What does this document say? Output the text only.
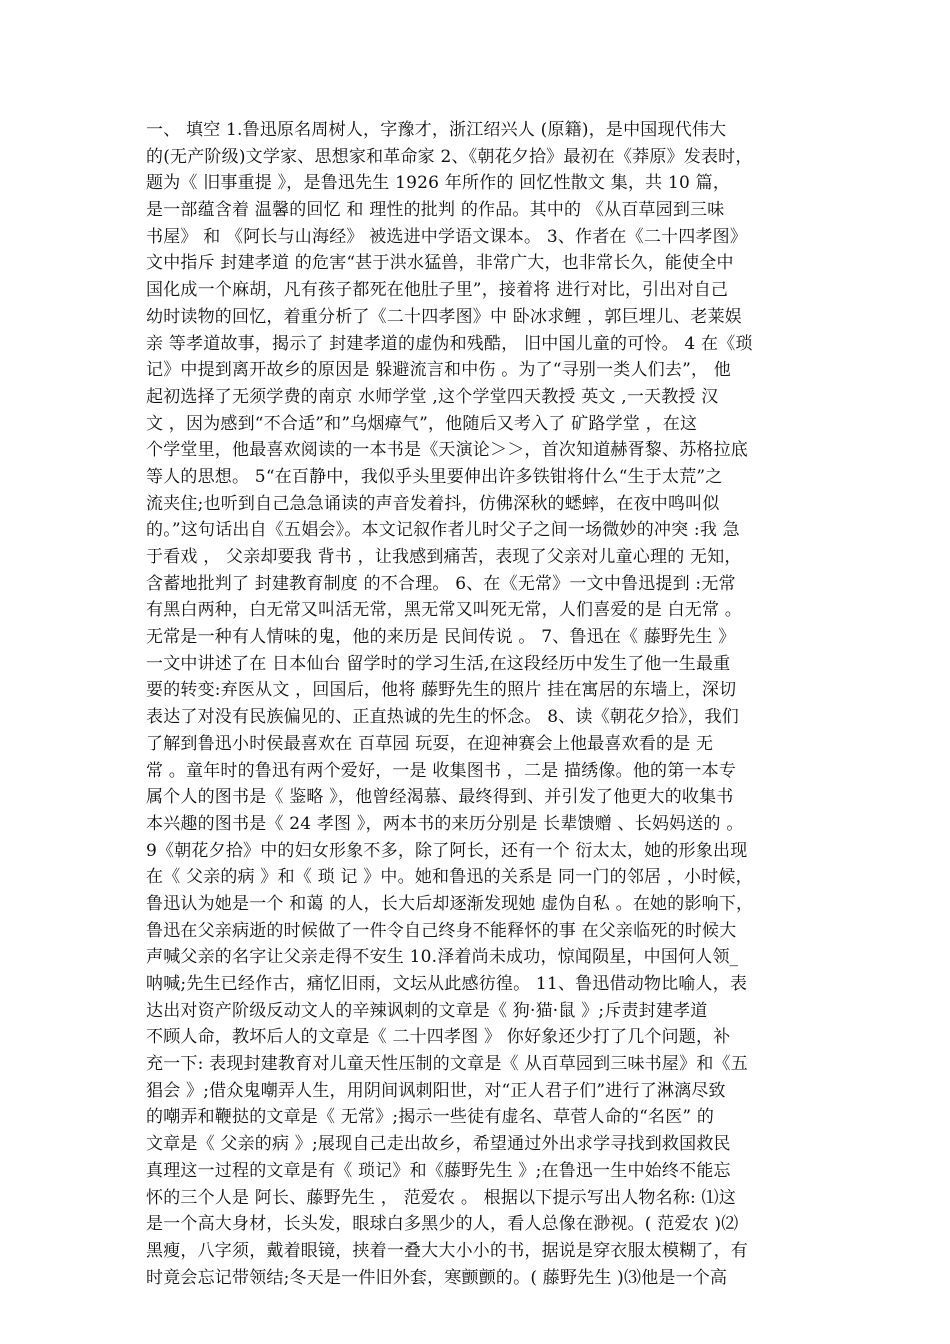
一、 填空 1.鲁迅原名周树人，字豫才，浙江绍兴人 (原籍)，是中国现代伟大
的(无产阶级)文学家、思想家和革命家 2、《朝花夕拾》最初在《莽原》发表时，
题为《 旧事重提 》，是鲁迅先生 1926 年所作的 回忆性散文 集，共 10 篇，
是一部蕴含着 温馨的回忆 和 理性的批判 的作品。其中的 《从百草园到三味
书屋》 和 《阿长与山海经》 被选进中学语文课本。 3、作者在《二十四孝图》
文中指斥 封建孝道 的危害“甚于洪水猛兽，非常广大，也非常长久，能使全中
国化成一个麻胡，凡有孩子都死在他肚子里”，接着将 进行对比，引出对自己
幼时读物的回忆，着重分析了《二十四孝图》中 卧冰求鲤 ，郭巨埋儿、老莱娱
亲 等孝道故事，揭示了 封建孝道的虚伪和残酷， 旧中国儿童的可怜。 4 在《琐
记》中提到离开故乡的原因是 躲避流言和中伤 。为了“寻别一类人们去”， 他
起初选择了无须学费的南京 水师学堂 ,这个学堂四天教授 英文 ,一天教授 汉
文 ，因为感到“不合适”和”乌烟瘴气”，他随后又考入了 矿路学堂 ，在这
个学堂里，他最喜欢阅读的一本书是《天演论＞＞，首次知道赫胥黎、苏格拉底
等人的思想。 5“在百静中，我似乎头里要伸出许多铁钳将什么“生于太荒”之
流夹住;也听到自己急急诵读的声音发着抖，仿佛深秋的蟋蟀，在夜中鸣叫似
的。”这句话出自《五娼会》。本文记叙作者儿时父子之间一场微妙的冲突 :我 急
于看戏 ， 父亲却要我 背书 ，让我感到痛苦，表现了父亲对儿童心理的 无知，
含蓄地批判了 封建教育制度 的不合理。 6、在《无常》一文中鲁迅提到 :无常
有黑白两种，白无常又叫活无常，黑无常又叫死无常，人们喜爱的是 白无常 。
无常是一种有人情味的鬼，他的来历是 民间传说 。 7、鲁迅在《 藤野先生 》
一文中讲述了在 日本仙台 留学时的学习生活,在这段经历中发生了他一生最重
要的转变:弃医从文 ，回国后，他将 藤野先生的照片 挂在寓居的东墙上，深切
表达了对没有民族偏见的、正直热诚的先生的怀念。 8、读《朝花夕拾》，我们
了解到鲁迅小时侯最喜欢在 百草园 玩耍，在迎神赛会上他最喜欢看的是 无
常 。童年时的鲁迅有两个爱好，一是 收集图书 ，二是 描绣像。他的第一本专
属个人的图书是《 鉴略 》，他曾经渴慕、最终得到、并引发了他更大的收集书
本兴趣的图书是《 24 孝图 》，两本书的来历分别是 长辈馈赠 、长妈妈送的 。
9《朝花夕拾》中的妇女形象不多，除了阿长，还有一个 衍太太，她的形象出现
在《 父亲的病 》和《 琐 记 》中。她和鲁迅的关系是 同一门的邻居 ，小时候，
鲁迅认为她是一个 和蔼 的人，长大后却逐渐发现她 虚伪自私 。在她的影响下，
鲁迅在父亲病逝的时候做了一件令自己终身不能释怀的事 在父亲临死的时候大
声喊父亲的名字让父亲走得不安生 10.泽着尚未成功，惊闻陨星，中国何人领_
呐喊;先生已经作古，痛忆旧雨，文坛从此感彷徨。 11、鲁迅借动物比喻人，表
达出对资产阶级反动文人的辛辣讽刺的文章是《 狗·猫·鼠 》;斥责封建孝道
不顾人命，教坏后人的文章是《 二十四孝图 》 你好象还少打了几个问题，补
充一下: 表现封建教育对儿童天性压制的文章是《 从百草园到三味书屋》和《五
猖会 》;借众鬼嘲弄人生，用阴间讽刺阳世，对“正人君子们”进行了淋漓尽致
的嘲弄和鞭挞的文章是《 无常》;揭示一些徒有虚名、草菅人命的“名医” 的
文章是《 父亲的病 》;展现自己走出故乡，希望通过外出求学寻找到救国救民
真理这一过程的文章是有《 琐记》和《藤野先生 》;在鲁迅一生中始终不能忘
怀的三个人是 阿长、藤野先生 ， 范爱农 。 根据以下提示写出人物名称: ⑴这
是一个高大身材，长头发，眼球白多黑少的人，看人总像在渺视。( 范爱农 )⑵
黑瘦，八字须，戴着眼镜，挟着一叠大大小小的书，据说是穿衣服太模糊了，有
时竟会忘记带领结;冬天是一件旧外套，寒颤颤的。( 藤野先生 )⑶他是一个高
